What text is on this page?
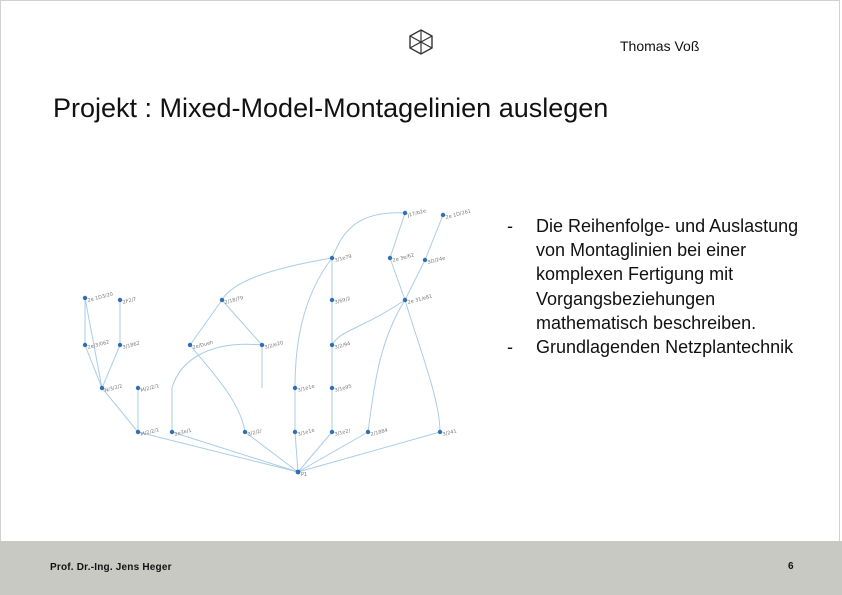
Thomas Voß
Projekt : Mixed-Model-Montagelinien auslegen
J17/b2e	2e 1D/261
2e 3e/62 3D/24e
3/1e79
2e 31/e81
2/18/79	3/69/2
2e 1D3/20 2F2/7
2e/3/062 3/1862	2e/Dueh	3/2/e20	3/2/94
N/3/2/2	M/2/2/1	3/1e1e	3/1e95
M/2/2/1	2e3e/1	3/2/2/	3/1e1e	3/1e2/	2/1884	3/241
P1
-	Die Reihenfolge- und Auslastung von Montaglinien bei einer komplexen Fertigung mit Vorgangsbeziehungen mathematisch beschreiben.
-	Grundlagenden Netzplantechnik
Prof. Dr.-Ing. Jens Heger	6
